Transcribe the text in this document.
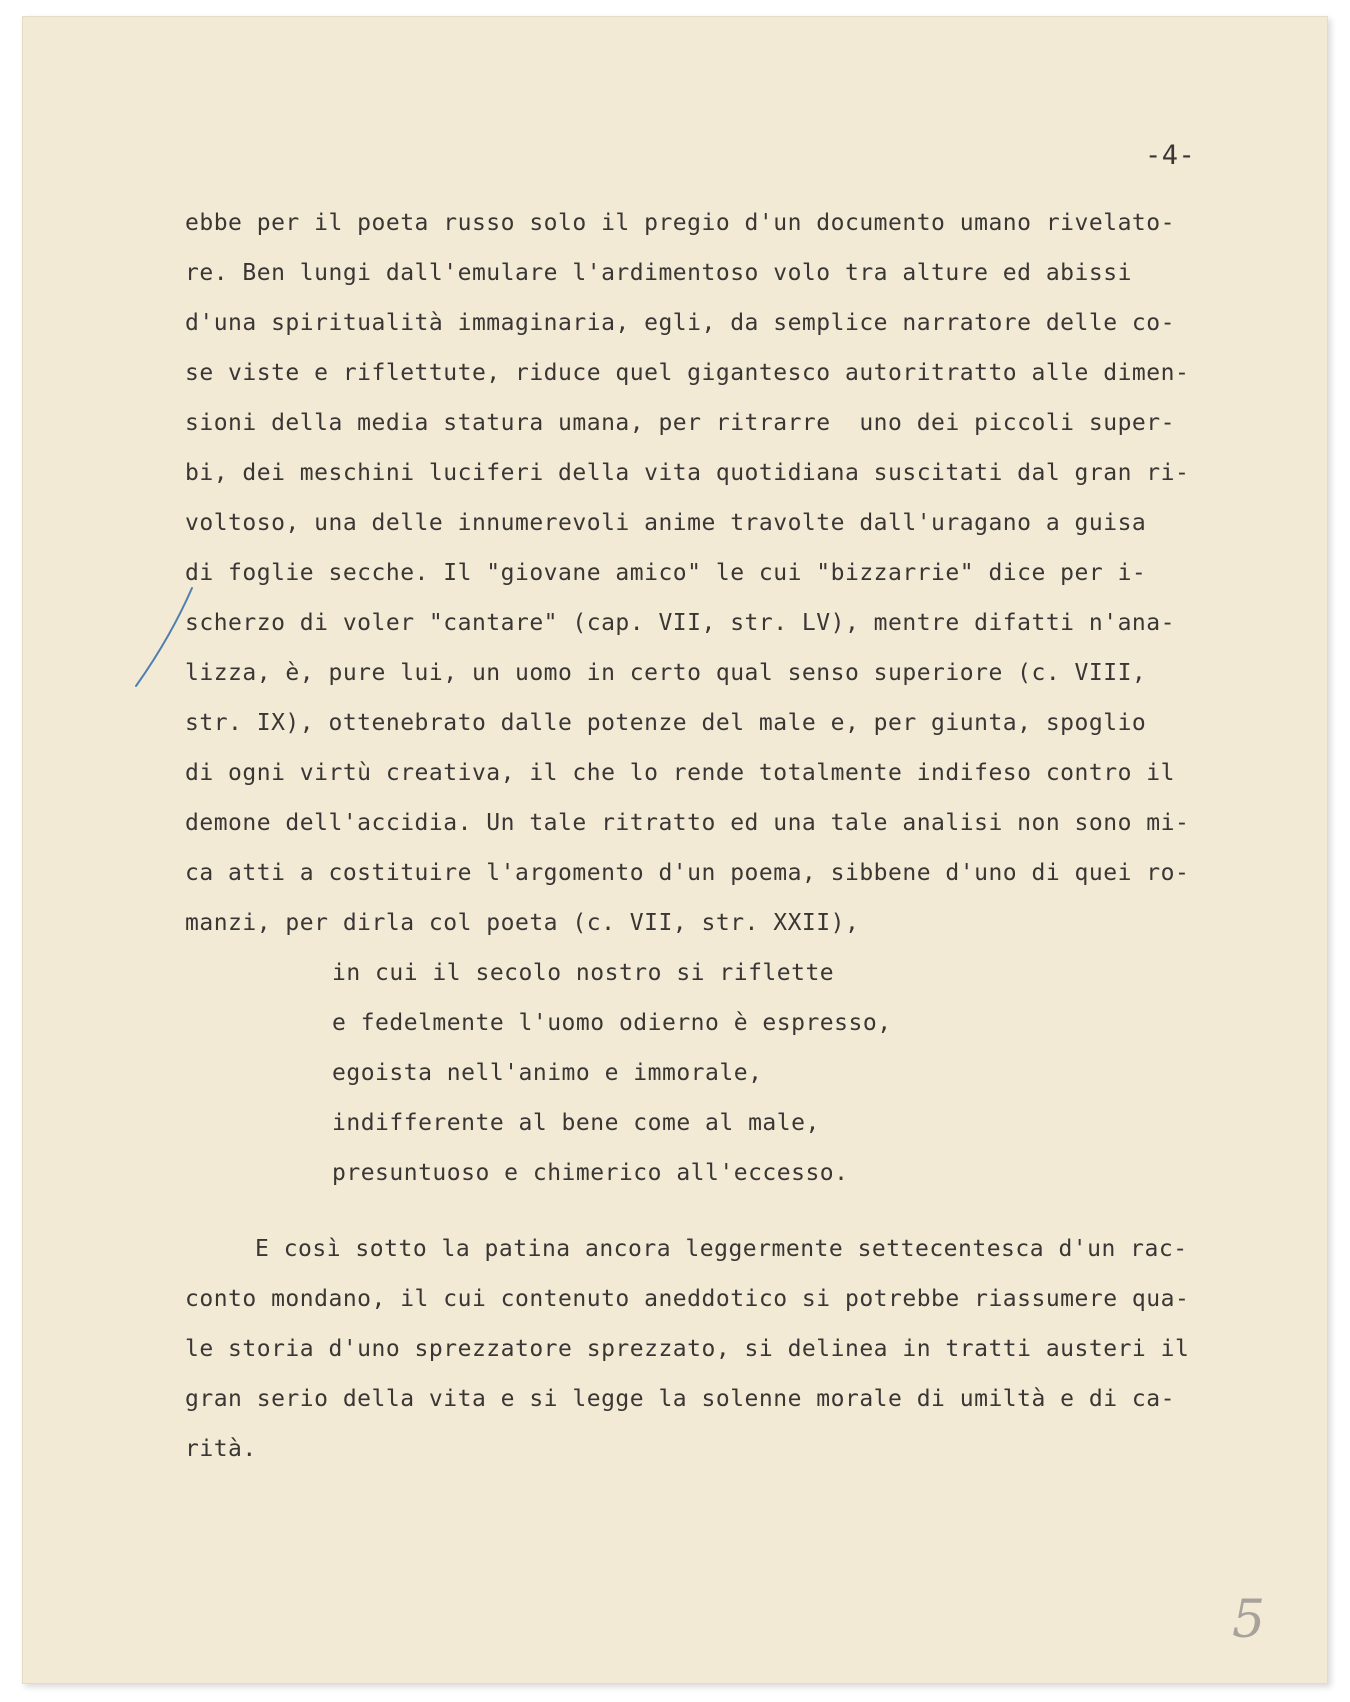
-4-

ebbe per il poeta russo solo il pregio d'un documento umano rivelato-
re. Ben lungi dall'emulare l'ardimentoso volo tra alture ed abissi
d'una spiritualità immaginaria, egli, da semplice narratore delle co-
se viste e riflettute, riduce quel gigantesco autoritratto alle dimen-
sioni della media statura umana, per ritrarre  uno dei piccoli super-
bi, dei meschini luciferi della vita quotidiana suscitati dal gran ri-
voltoso, una delle innumerevoli anime travolte dall'uragano a guisa
di foglie secche. Il "giovane amico" le cui "bizzarrie" dice per i-
scherzo di voler "cantare" (cap. VII, str. LV), mentre difatti n'ana-
lizza, è, pure lui, un uomo in certo qual senso superiore (c. VIII,
str. IX), ottenebrato dalle potenze del male e, per giunta, spoglio
di ogni virtù creativa, il che lo rende totalmente indifeso contro il
demone dell'accidia. Un tale ritratto ed una tale analisi non sono mi-
ca atti a costituire l'argomento d'un poema, sibbene d'uno di quei ro-
manzi, per dirla col poeta (c. VII, str. XXII),
in cui il secolo nostro si riflette
e fedelmente l'uomo odierno è espresso,
egoista nell'animo e immorale,
indifferente al bene come al male,
presuntuoso e chimerico all'eccesso.
E così sotto la patina ancora leggermente settecentesca d'un rac-
conto mondano, il cui contenuto aneddotico si potrebbe riassumere qua-
le storia d'uno sprezzatore sprezzato, si delinea in tratti austeri il
gran serio della vita e si legge la solenne morale di umiltà e di ca-
rità.

5
